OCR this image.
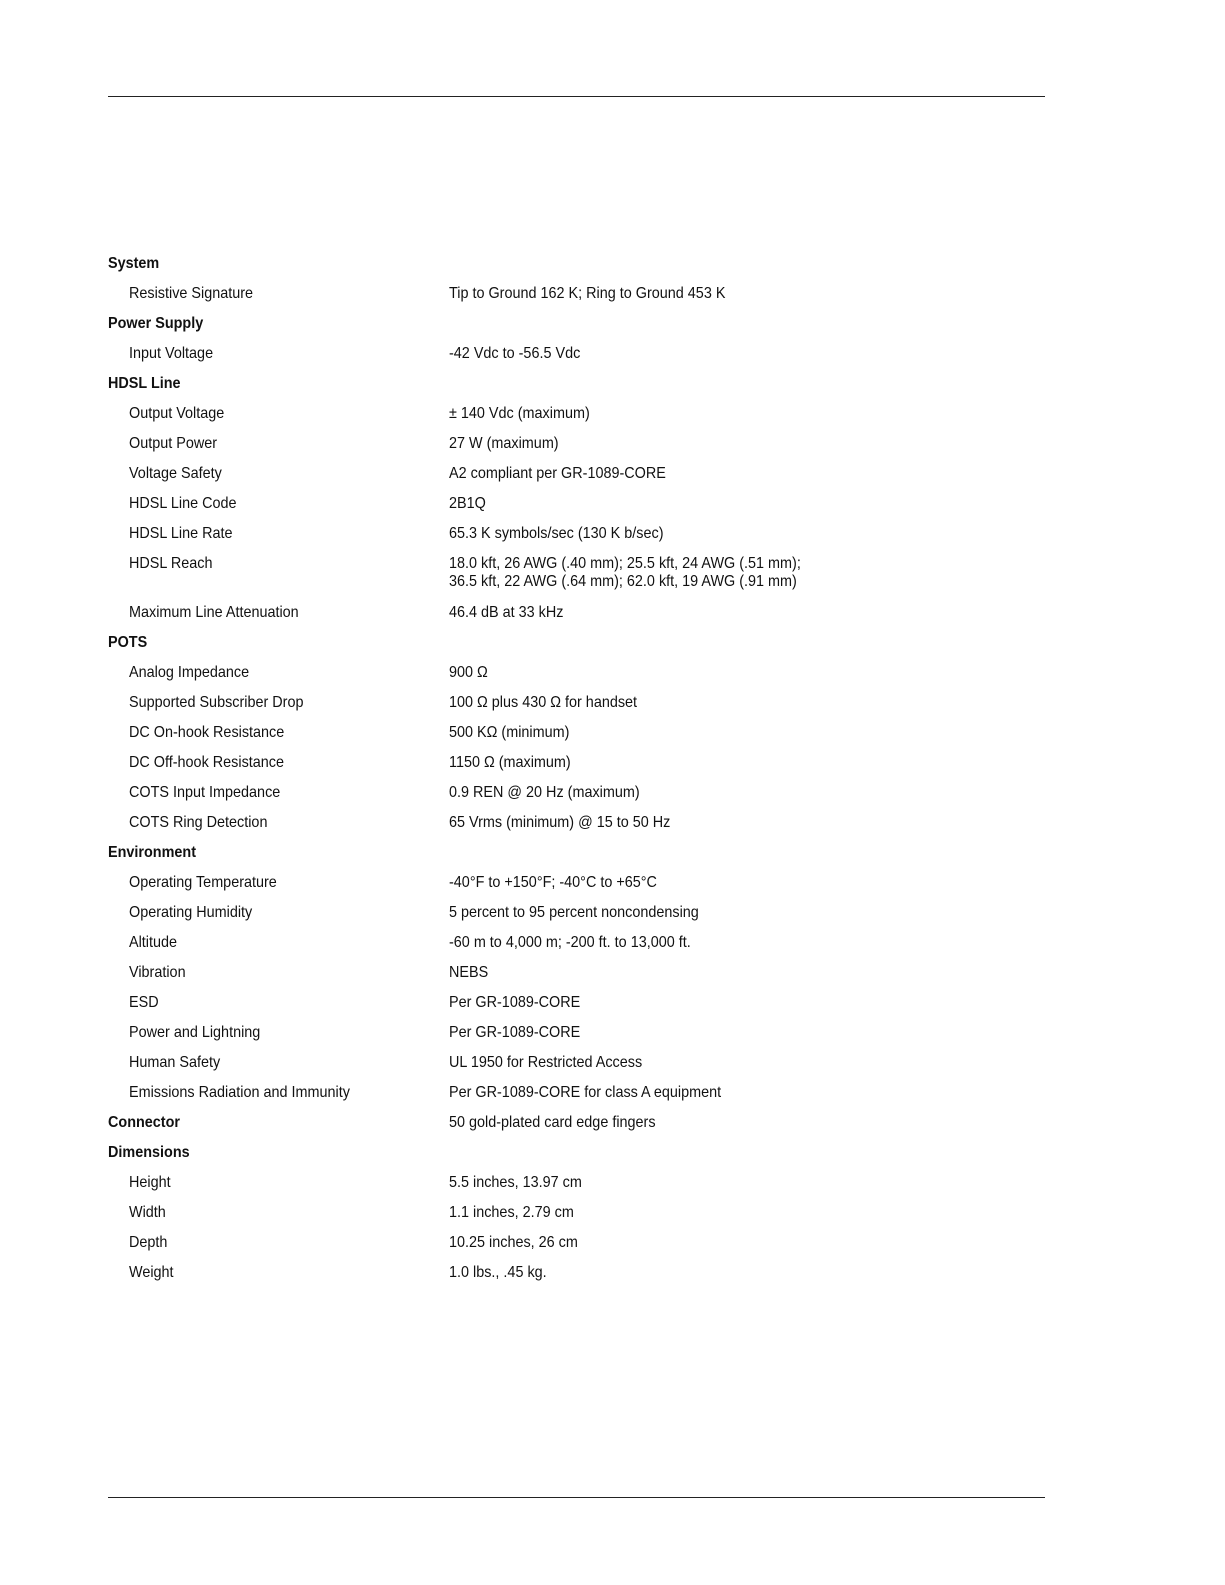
System
Resistive Signature	Tip to Ground 162 K; Ring to Ground 453 K
Power Supply
Input Voltage	-42 Vdc to -56.5 Vdc
HDSL Line
Output Voltage	± 140 Vdc (maximum)
Output Power	27 W (maximum)
Voltage Safety	A2 compliant per GR-1089-CORE
HDSL Line Code	2B1Q
HDSL Line Rate	65.3 K symbols/sec (130 K b/sec)
HDSL Reach	18.0 kft, 26 AWG (.40 mm); 25.5 kft, 24 AWG (.51 mm);
36.5 kft, 22 AWG (.64 mm); 62.0 kft, 19 AWG (.91 mm)
Maximum Line Attenuation	46.4 dB at 33 kHz
POTS
Analog Impedance	900 Ω
Supported Subscriber Drop	100 Ω plus 430 Ω for handset
DC On-hook Resistance	500 KΩ (minimum)
DC Off-hook Resistance	1150 Ω (maximum)
COTS Input Impedance	0.9 REN @ 20 Hz (maximum)
COTS Ring Detection	65 Vrms (minimum) @ 15 to 50 Hz
Environment
Operating Temperature	-40°F to +150°F; -40°C to +65°C
Operating Humidity	5 percent to 95 percent noncondensing
Altitude	-60 m to 4,000 m; -200 ft. to 13,000 ft.
Vibration	NEBS
ESD	Per GR-1089-CORE
Power and Lightning	Per GR-1089-CORE
Human Safety	UL 1950 for Restricted Access
Emissions Radiation and Immunity	Per GR-1089-CORE for class A equipment
Connector	50 gold-plated card edge fingers
Dimensions
Height	5.5 inches, 13.97 cm
Width	1.1 inches, 2.79 cm
Depth	10.25 inches, 26 cm
Weight	1.0 lbs., .45 kg.
